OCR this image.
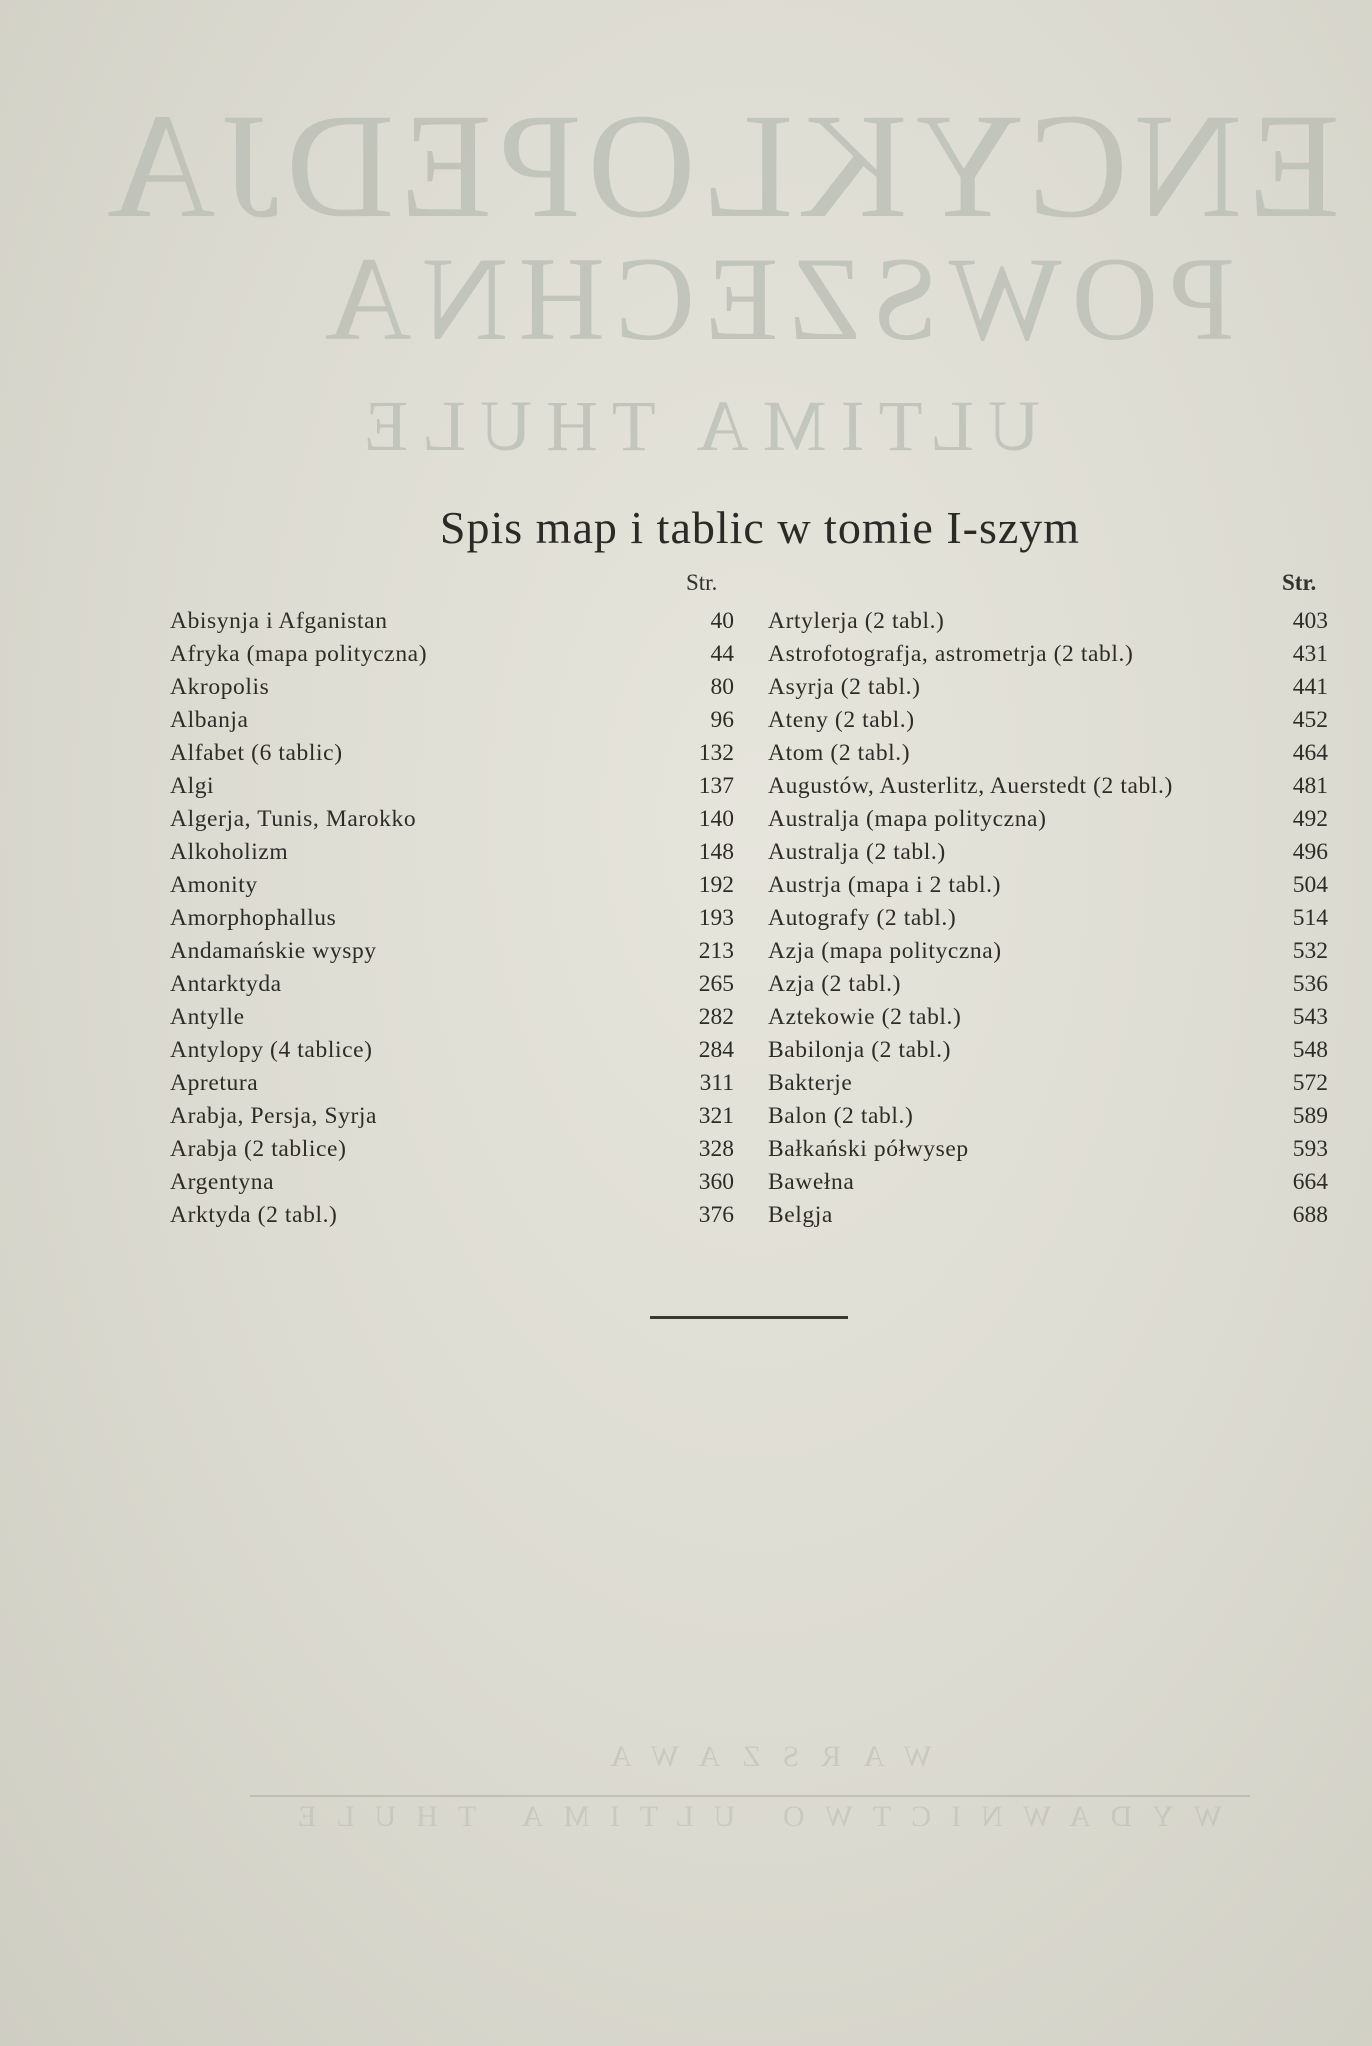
ENCYKLOPEDJA
POWSZECHNA
ULTIMA THULE
WARSZAWA
WYDAWNICTWO ULTIMA THULE
Spis map i tablic w tomie I-szym
Str.	Str.
Abisynja i Afganistan	40
Afryka (mapa polityczna)	44
Akropolis	80
Albanja	96
Alfabet (6 tablic)	132
Algi	137
Algerja, Tunis, Marokko	140
Alkoholizm	148
Amonity	192
Amorphophallus	193
Andamańskie wyspy	213
Antarktyda	265
Antylle	282
Antylopy (4 tablice)	284
Apretura	311
Arabja, Persja, Syrja	321
Arabja (2 tablice)	328
Argentyna	360
Arktyda (2 tabl.)	376
Artylerja (2 tabl.)	403
Astrofotografja, astrometrja (2 tabl.)	431
Asyrja (2 tabl.)	441
Ateny (2 tabl.)	452
Atom (2 tabl.)	464
Augustów, Austerlitz, Auerstedt (2 tabl.)	481
Australja (mapa polityczna)	492
Australja (2 tabl.)	496
Austrja (mapa i 2 tabl.)	504
Autografy (2 tabl.)	514
Azja (mapa polityczna)	532
Azja (2 tabl.)	536
Aztekowie (2 tabl.)	543
Babilonja (2 tabl.)	548
Bakterje	572
Balon (2 tabl.)	589
Bałkański półwysep	593
Bawełna	664
Belgja	688
